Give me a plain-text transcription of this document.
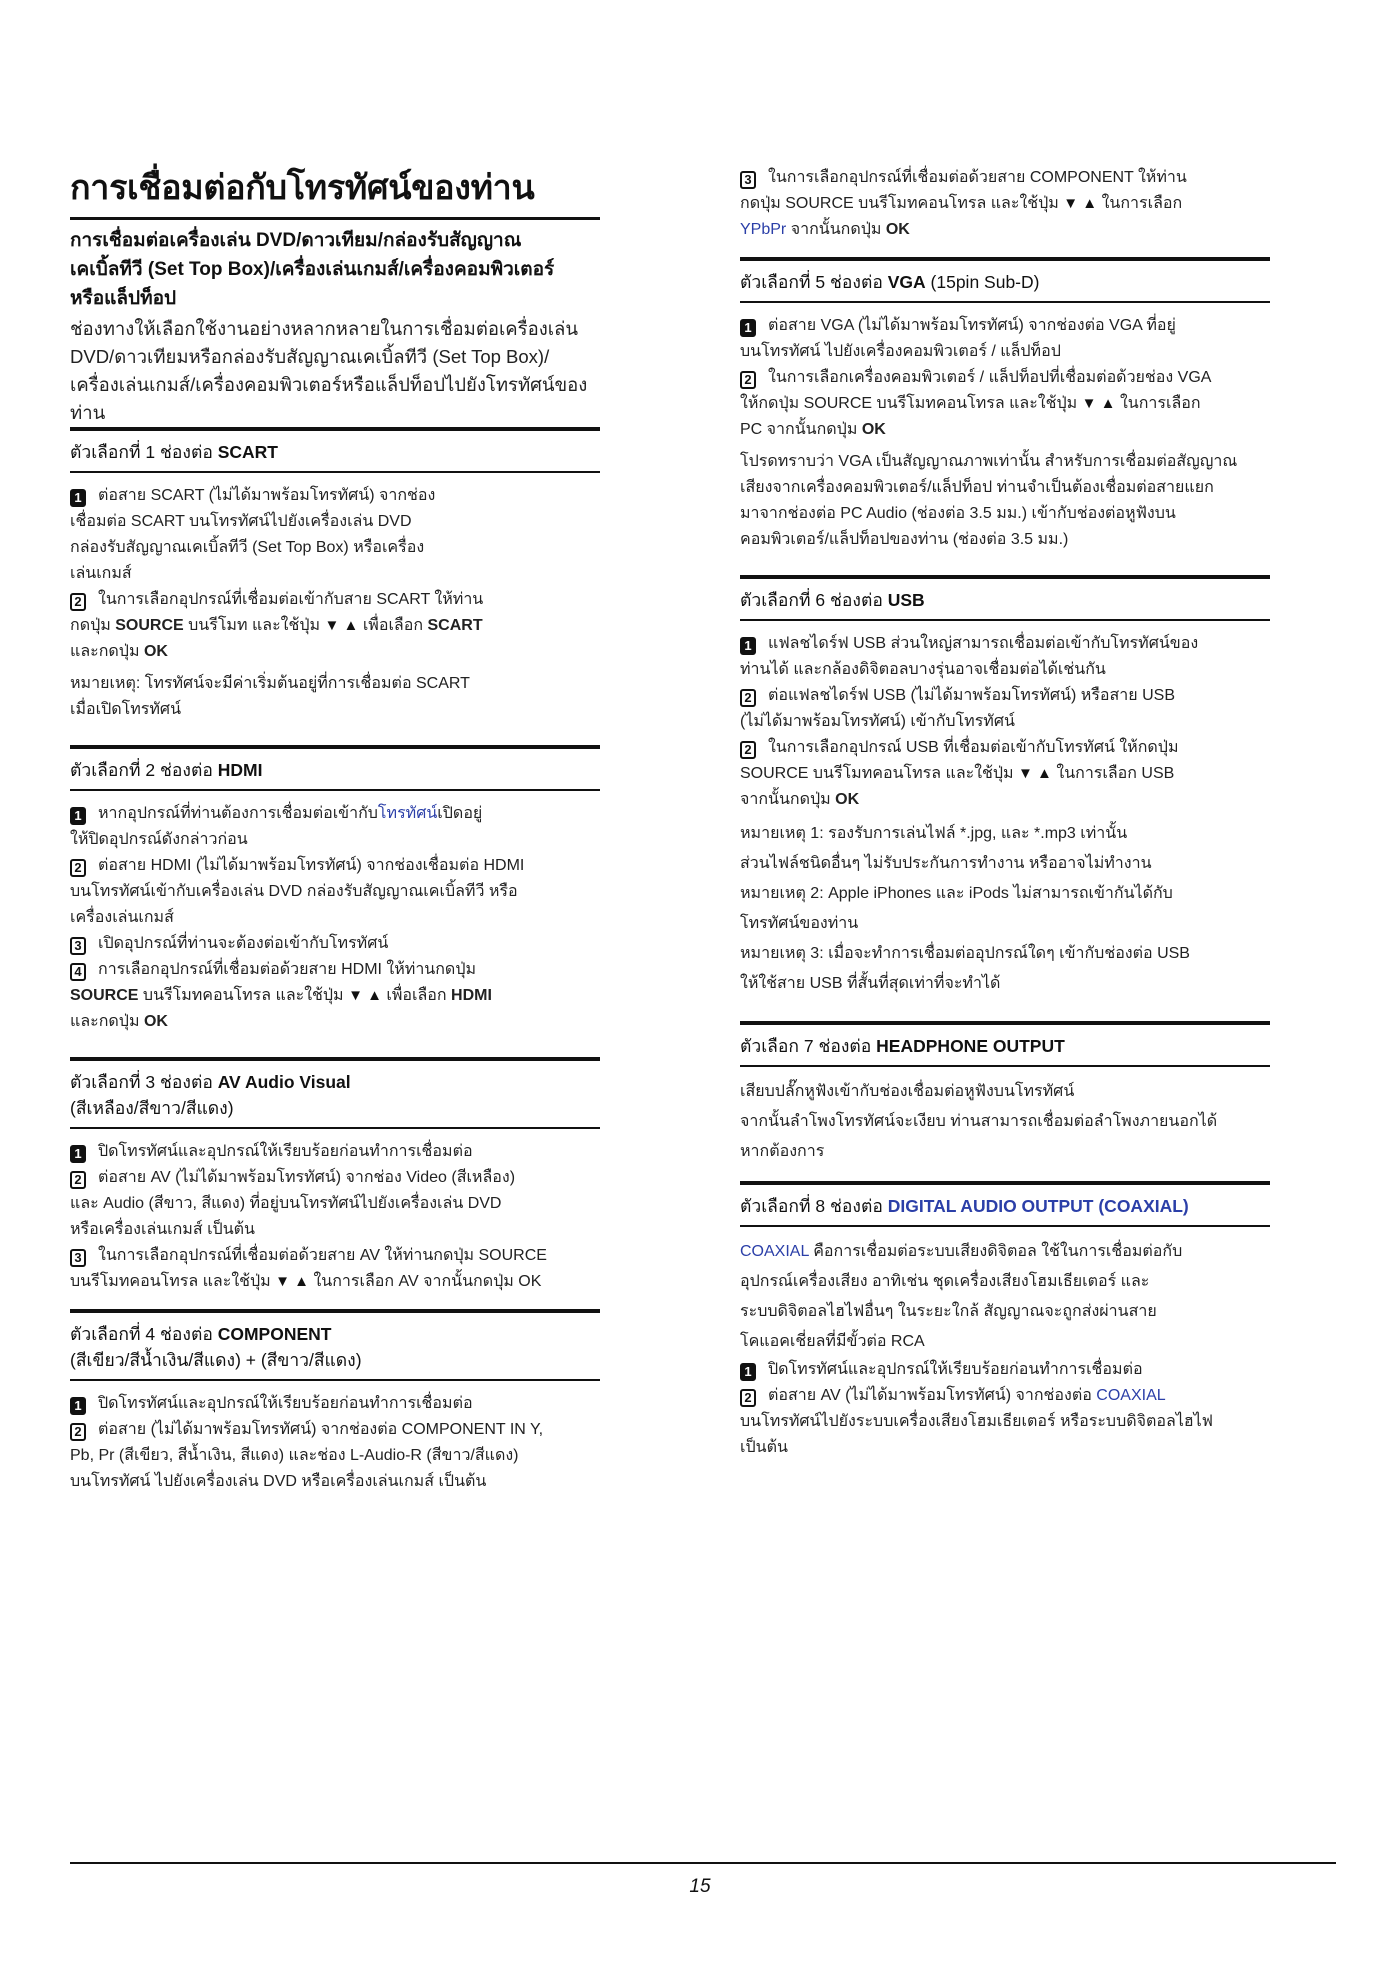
การเชื่อมต่อกับโทรทัศน์ของท่าน
การเชื่อมต่อเครื่องเล่น DVD/ดาวเทียม/กล่องรับสัญญาณ
เคเบิ้ลทีวี (Set Top Box)/เครื่องเล่นเกมส์/เครื่องคอมพิวเตอร์
หรือแล็ปท็อป
ช่องทางให้เลือกใช้งานอย่างหลากหลายในการเชื่อมต่อเครื่องเล่น
DVD/ดาวเทียมหรือกล่องรับสัญญาณเคเบิ้ลทีวี (Set Top Box)/
เครื่องเล่นเกมส์/เครื่องคอมพิวเตอร์หรือแล็ปท็อปไปยังโทรทัศน์ของท่าน
ตัวเลือกที่ 1 ช่องต่อ SCART

1 ต่อสาย SCART (ไม่ได้มาพร้อมโทรทัศน์) จากช่อง

เชื่อมต่อ SCART บนโทรทัศน์ไปยังเครื่องเล่น DVD

กล่องรับสัญญาณเคเบิ้ลทีวี (Set Top Box) หรือเครื่อง

เล่นเกมส์

2 ในการเลือกอุปกรณ์ที่เชื่อมต่อเข้ากับสาย SCART ให้ท่าน

กดปุ่ม SOURCE บนรีโมท และใช้ปุ่ม ▼ ▲ เพื่อเลือก SCART

และกดปุ่ม OK

หมายเหตุ: โทรทัศน์จะมีค่าเริ่มต้นอยู่ที่การเชื่อมต่อ SCART

เมื่อเปิดโทรทัศน์

ตัวเลือกที่ 2 ช่องต่อ HDMI

1 หากอุปกรณ์ที่ท่านต้องการเชื่อมต่อเข้ากับโทรทัศน์เปิดอยู่

ให้ปิดอุปกรณ์ดังกล่าวก่อน

2 ต่อสาย HDMI (ไม่ได้มาพร้อมโทรทัศน์) จากช่องเชื่อมต่อ HDMI

บนโทรทัศน์เข้ากับเครื่องเล่น DVD กล่องรับสัญญาณเคเบิ้ลทีวี หรือ

เครื่องเล่นเกมส์

3 เปิดอุปกรณ์ที่ท่านจะต้องต่อเข้ากับโทรทัศน์

4 การเลือกอุปกรณ์ที่เชื่อมต่อด้วยสาย HDMI ให้ท่านกดปุ่ม

SOURCE บนรีโมทคอนโทรล และใช้ปุ่ม ▼ ▲ เพื่อเลือก HDMI

และกดปุ่ม OK

ตัวเลือกที่ 3 ช่องต่อ AV Audio Visual
(สีเหลือง/สีขาว/สีแดง)

1 ปิดโทรทัศน์และอุปกรณ์ให้เรียบร้อยก่อนทำการเชื่อมต่อ

2 ต่อสาย AV (ไม่ได้มาพร้อมโทรทัศน์) จากช่อง Video (สีเหลือง)

และ Audio (สีขาว, สีแดง) ที่อยู่บนโทรทัศน์ไปยังเครื่องเล่น DVD

หรือเครื่องเล่นเกมส์ เป็นต้น

3 ในการเลือกอุปกรณ์ที่เชื่อมต่อด้วยสาย AV ให้ท่านกดปุ่ม SOURCE

บนรีโมทคอนโทรล และใช้ปุ่ม ▼ ▲ ในการเลือก AV จากนั้นกดปุ่ม OK

ตัวเลือกที่ 4 ช่องต่อ COMPONENT
(สีเขียว/สีน้ำเงิน/สีแดง) + (สีขาว/สีแดง)

1 ปิดโทรทัศน์และอุปกรณ์ให้เรียบร้อยก่อนทำการเชื่อมต่อ

2 ต่อสาย (ไม่ได้มาพร้อมโทรทัศน์) จากช่องต่อ COMPONENT IN Y,

Pb, Pr (สีเขียว, สีน้ำเงิน, สีแดง) และช่อง L-Audio-R (สีขาว/สีแดง)

บนโทรทัศน์ ไปยังเครื่องเล่น DVD หรือเครื่องเล่นเกมส์ เป็นต้น

3 ในการเลือกอุปกรณ์ที่เชื่อมต่อด้วยสาย COMPONENT ให้ท่าน

กดปุ่ม SOURCE บนรีโมทคอนโทรล และใช้ปุ่ม ▼ ▲ ในการเลือก

YPbPr จากนั้นกดปุ่ม OK

ตัวเลือกที่ 5 ช่องต่อ VGA (15pin Sub-D)

1 ต่อสาย VGA (ไม่ได้มาพร้อมโทรทัศน์) จากช่องต่อ VGA ที่อยู่

บนโทรทัศน์ ไปยังเครื่องคอมพิวเตอร์ / แล็ปท็อป

2 ในการเลือกเครื่องคอมพิวเตอร์ / แล็ปท็อปที่เชื่อมต่อด้วยช่อง VGA

ให้กดปุ่ม SOURCE บนรีโมทคอนโทรล และใช้ปุ่ม ▼ ▲ ในการเลือก

PC จากนั้นกดปุ่ม OK

โปรดทราบว่า VGA เป็นสัญญาณภาพเท่านั้น สำหรับการเชื่อมต่อสัญญาณ

เสียงจากเครื่องคอมพิวเตอร์/แล็ปท็อป ท่านจำเป็นต้องเชื่อมต่อสายแยก

มาจากช่องต่อ PC Audio (ช่องต่อ 3.5 มม.) เข้ากับช่องต่อหูฟังบน

คอมพิวเตอร์/แล็ปท็อปของท่าน (ช่องต่อ 3.5 มม.)

ตัวเลือกที่ 6 ช่องต่อ USB

1 แฟลชไดร์ฟ USB ส่วนใหญ่สามารถเชื่อมต่อเข้ากับโทรทัศน์ของ

ท่านได้ และกล้องดิจิตอลบางรุ่นอาจเชื่อมต่อได้เช่นกัน

2 ต่อแฟลชไดร์ฟ USB (ไม่ได้มาพร้อมโทรทัศน์) หรือสาย USB

(ไม่ได้มาพร้อมโทรทัศน์) เข้ากับโทรทัศน์

2 ในการเลือกอุปกรณ์ USB ที่เชื่อมต่อเข้ากับโทรทัศน์ ให้กดปุ่ม

SOURCE บนรีโมทคอนโทรล และใช้ปุ่ม ▼ ▲ ในการเลือก USB

จากนั้นกดปุ่ม OK

หมายเหตุ 1: รองรับการเล่นไฟล์ *.jpg, และ *.mp3 เท่านั้น

ส่วนไฟล์ชนิดอื่นๆ ไม่รับประกันการทำงาน หรืออาจไม่ทำงาน

หมายเหตุ 2: Apple iPhones และ iPods ไม่สามารถเข้ากันได้กับ

โทรทัศน์ของท่าน

หมายเหตุ 3: เมื่อจะทำการเชื่อมต่ออุปกรณ์ใดๆ เข้ากับช่องต่อ USB

ให้ใช้สาย USB ที่สั้นที่สุดเท่าที่จะทำได้

ตัวเลือก 7 ช่องต่อ HEADPHONE OUTPUT

เสียบปลั๊กหูฟังเข้ากับช่องเชื่อมต่อหูฟังบนโทรทัศน์

จากนั้นลำโพงโทรทัศน์จะเงียบ ท่านสามารถเชื่อมต่อลำโพงภายนอกได้

หากต้องการ

ตัวเลือกที่ 8 ช่องต่อ DIGITAL AUDIO OUTPUT (COAXIAL)

COAXIAL คือการเชื่อมต่อระบบเสียงดิจิตอล ใช้ในการเชื่อมต่อกับ

อุปกรณ์เครื่องเสียง อาทิเช่น ชุดเครื่องเสียงโฮมเธียเตอร์ และ

ระบบดิจิตอลไฮไฟอื่นๆ ในระยะใกล้ สัญญาณจะถูกส่งผ่านสาย

โคแอคเชี่ยลที่มีขั้วต่อ RCA

1 ปิดโทรทัศน์และอุปกรณ์ให้เรียบร้อยก่อนทำการเชื่อมต่อ

2 ต่อสาย AV (ไม่ได้มาพร้อมโทรทัศน์) จากช่องต่อ COAXIAL

บนโทรทัศน์ไปยังระบบเครื่องเสียงโฮมเธียเตอร์ หรือระบบดิจิตอลไฮไฟ

เป็นต้น

15
